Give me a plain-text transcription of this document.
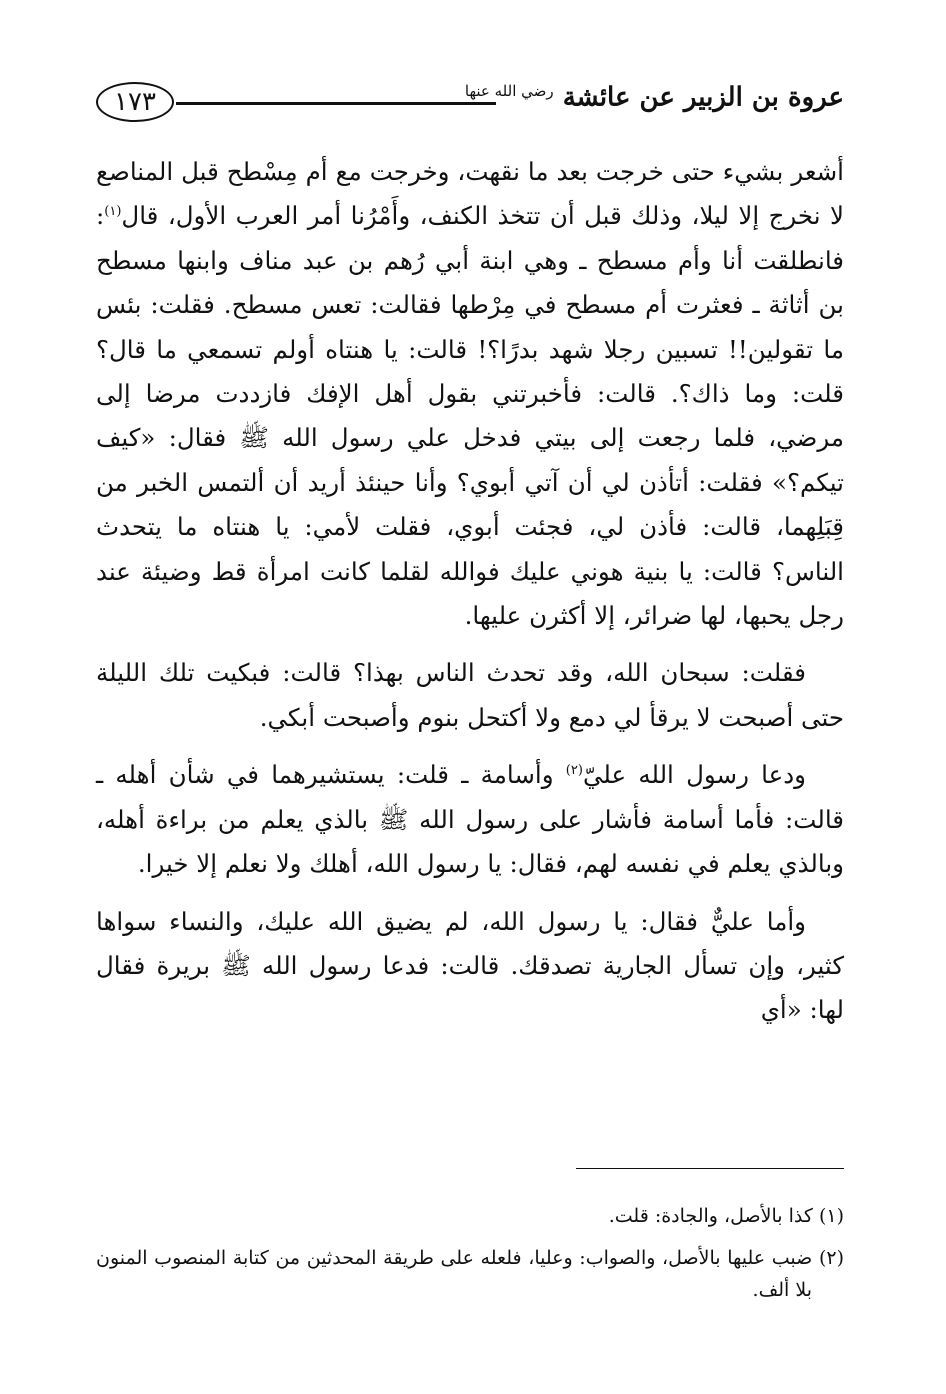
١٧٣	عروة بن الزبير عن عائشة $^{رضي الله عنها}$

أشعر بشيء حتى خرجت بعد ما نقهت، وخرجت مع أم مِسْطح قبل المناصع لا نخرج إلا ليلا، وذلك قبل أن تتخذ الكنف، وأَمْرُنا أمر العرب الأول، قال$^{(١)}$: فانطلقت أنا وأم مسطح ـ وهي ابنة أبي رُهم بن عبد مناف وابنها مسطح بن أثاثة ـ فعثرت أم مسطح في مِرْطها فقالت: تعس مسطح. فقلت: بئس ما تقولين!! تسبين رجلا شهد بدرًا؟! قالت: يا هنتاه أولم تسمعي ما قال؟ قلت: وما ذاك؟. قالت: فأخبرتني بقول أهل الإفك فازددت مرضا إلى مرضي، فلما رجعت إلى بيتي فدخل علي رسول الله ﷺ فقال: «كيف تيكم؟» فقلت: أتأذن لي أن آتي أبوي؟ وأنا حينئذ أريد أن ألتمس الخبر من قِبَلِهما، قالت: فأذن لي، فجئت أبوي، فقلت لأمي: يا هنتاه ما يتحدث الناس؟ قالت: يا بنية هوني عليك فوالله لقلما كانت امرأة قط وضيئة عند رجل يحبها، لها ضرائر، إلا أكثرن عليها.

فقلت: سبحان الله، وقد تحدث الناس بهذا؟ قالت: فبكيت تلك الليلة حتى أصبحت لا يرقأ لي دمع ولا أكتحل بنوم وأصبحت أبكي.

ودعا رسول الله عليّ$^{(٢)}$ وأسامة ـ قلت: يستشيرهما في شأن أهله ـ قالت: فأما أسامة فأشار على رسول الله ﷺ بالذي يعلم من براءة أهله، وبالذي يعلم في نفسه لهم، فقال: يا رسول الله، أهلك ولا نعلم إلا خيرا.

وأما عليٌّ فقال: يا رسول الله، لم يضيق الله عليك، والنساء سواها كثير، وإن تسأل الجارية تصدقك. قالت: فدعا رسول الله ﷺ بريرة فقال لها: «أي

(١) كذا بالأصل، والجادة: قلت.

(٢) ضبب عليها بالأصل، والصواب: وعليا، فلعله على طريقة المحدثين من كتابة المنصوب المنون بلا ألف.
